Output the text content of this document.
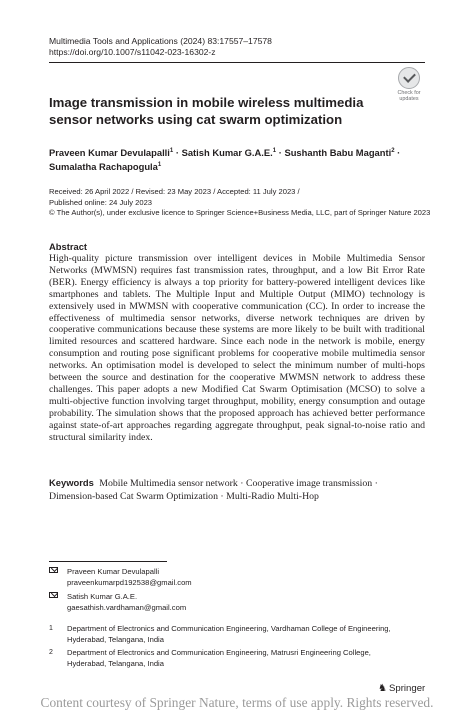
Multimedia Tools and Applications (2024) 83:17557–17578
https://doi.org/10.1007/s11042-023-16302-z
Check for
updates
Image transmission in mobile wireless multimedia sensor networks using cat swarm optimization
Praveen Kumar Devulapalli$^1$ · Satish Kumar G.A.E.$^1$ · Sushanth Babu Maganti$^2$ ·
Sumalatha Rachapogula$^1$
Received: 26 April 2022 / Revised: 23 May 2023 / Accepted: 11 July 2023 /
Published online: 24 July 2023
© The Author(s), under exclusive licence to Springer Science+Business Media, LLC, part of Springer Nature 2023
Abstract
High-quality picture transmission over intelligent devices in Mobile Multimedia Sensor Networks (MWMSN) requires fast transmission rates, throughput, and a low Bit Error Rate (BER). Energy efficiency is always a top priority for battery-powered intelligent devices like smartphones and tablets. The Multiple Input and Multiple Output (MIMO) technology is extensively used in MWMSN with cooperative communication (CC). In order to increase the effectiveness of multimedia sensor networks, diverse network techniques are driven by cooperative communications because these systems are more likely to be built with traditional limited resources and scattered hardware. Since each node in the network is mobile, energy consumption and routing pose significant problems for cooperative mobile multimedia sensor networks. An optimisation model is developed to select the minimum number of multi-hops between the source and destination for the cooperative MWMSN network to address these challenges. This paper adopts a new Modified Cat Swarm Optimisation (MCSO) to solve a multi-objective function involving target throughput, mobility, energy consumption and outage probability. The simulation shows that the proposed approach has achieved better performance against state-of-art approaches regarding aggregate throughput, peak signal-to-noise ratio and structural similarity index.
Keywords Mobile Multimedia sensor network · Cooperative image transmission ·
Dimension-based Cat Swarm Optimization · Multi-Radio Multi-Hop
Praveen Kumar Devulapalli
praveenkumarpd192538@gmail.com
Satish Kumar G.A.E.
gaesathish.vardhaman@gmail.com
1 Department of Electronics and Communication Engineering, Vardhaman College of Engineering, Hyderabad, Telangana, India
2 Department of Electronics and Communication Engineering, Matrusri Engineering College, Hyderabad, Telangana, India
♞ Springer
Content courtesy of Springer Nature, terms of use apply. Rights reserved.
